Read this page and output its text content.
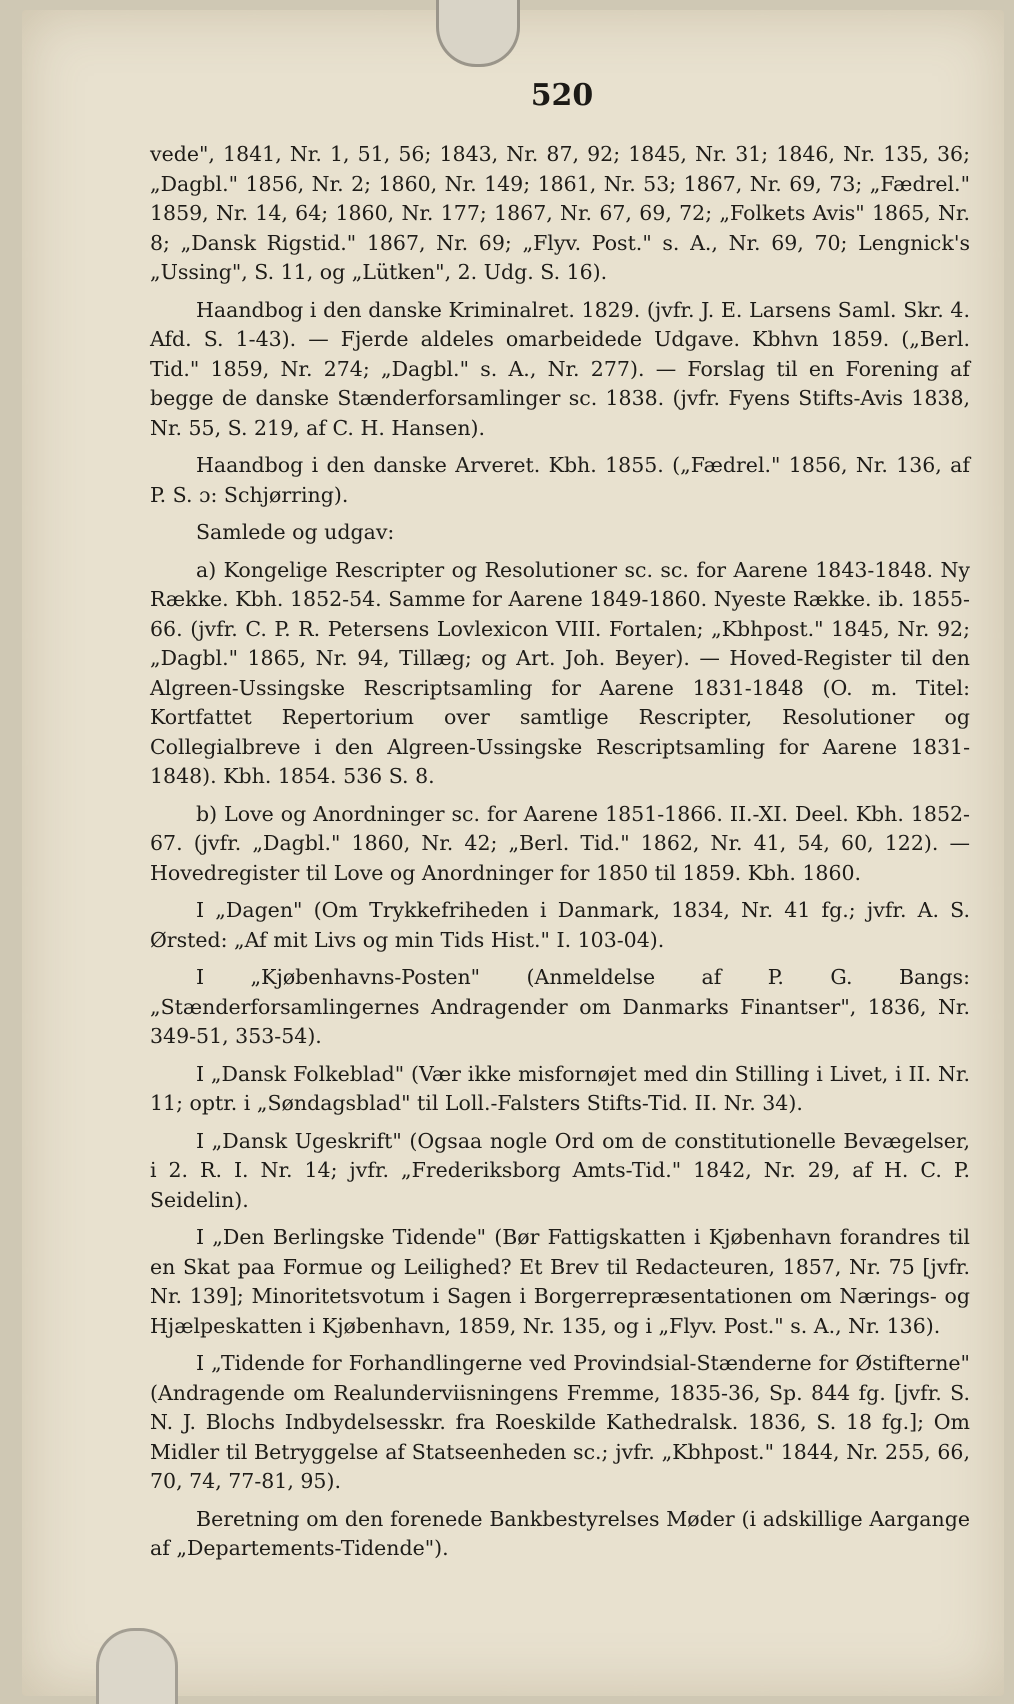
520

vede", 1841, Nr. 1, 51, 56; 1843, Nr. 87, 92; 1845, Nr. 31; 1846, Nr. 135, 36; „Dagbl." 1856, Nr. 2; 1860, Nr. 149; 1861, Nr. 53; 1867, Nr. 69, 73; „Fædrel." 1859, Nr. 14, 64; 1860, Nr. 177; 1867, Nr. 67, 69, 72; „Folkets Avis" 1865, Nr. 8; „Dansk Rigstid." 1867, Nr. 69; „Flyv. Post." s. A., Nr. 69, 70; Lengnick's „Ussing", S. 11, og „Lütken", 2. Udg. S. 16).

Haandbog i den danske Kriminalret. 1829. (jvfr. J. E. Larsens Saml. Skr. 4. Afd. S. 1-43). — Fjerde aldeles omarbeidede Udgave. Kbhvn 1859. („Berl. Tid." 1859, Nr. 274; „Dagbl." s. A., Nr. 277). — Forslag til en Forening af begge de danske Stænderforsamlinger sc. 1838. (jvfr. Fyens Stifts-Avis 1838, Nr. 55, S. 219, af C. H. Hansen).

Haandbog i den danske Arveret. Kbh. 1855. („Fædrel." 1856, Nr. 136, af P. S. ɔ: Schjørring).

Samlede og udgav:

a) Kongelige Rescripter og Resolutioner sc. sc. for Aarene 1843-1848. Ny Række. Kbh. 1852-54. Samme for Aarene 1849-1860. Nyeste Række. ib. 1855-66. (jvfr. C. P. R. Petersens Lovlexicon VIII. Fortalen; „Kbhpost." 1845, Nr. 92; „Dagbl." 1865, Nr. 94, Tillæg; og Art. Joh. Beyer). — Hoved-Register til den Algreen-Ussingske Rescriptsamling for Aarene 1831-1848 (O. m. Titel: Kortfattet Repertorium over samtlige Rescripter, Resolutioner og Collegialbreve i den Algreen-Ussingske Rescriptsamling for Aarene 1831-1848). Kbh. 1854. 536 S. 8.

b) Love og Anordninger sc. for Aarene 1851-1866. II.-XI. Deel. Kbh. 1852-67. (jvfr. „Dagbl." 1860, Nr. 42; „Berl. Tid." 1862, Nr. 41, 54, 60, 122). — Hovedregister til Love og Anordninger for 1850 til 1859. Kbh. 1860.

I „Dagen" (Om Trykkefriheden i Danmark, 1834, Nr. 41 fg.; jvfr. A. S. Ørsted: „Af mit Livs og min Tids Hist." I. 103-04).

I „Kjøbenhavns-Posten" (Anmeldelse af P. G. Bangs: „Stænderforsamlingernes Andragender om Danmarks Finantser", 1836, Nr. 349-51, 353-54).

I „Dansk Folkeblad" (Vær ikke misfornøjet med din Stilling i Livet, i II. Nr. 11; optr. i „Søndagsblad" til Loll.-Falsters Stifts-Tid. II. Nr. 34).

I „Dansk Ugeskrift" (Ogsaa nogle Ord om de constitutionelle Bevægelser, i 2. R. I. Nr. 14; jvfr. „Frederiksborg Amts-Tid." 1842, Nr. 29, af H. C. P. Seidelin).

I „Den Berlingske Tidende" (Bør Fattigskatten i Kjøbenhavn forandres til en Skat paa Formue og Leilighed? Et Brev til Redacteuren, 1857, Nr. 75 [jvfr. Nr. 139]; Minoritetsvotum i Sagen i Borgerrepræsentationen om Nærings- og Hjælpeskatten i Kjøbenhavn, 1859, Nr. 135, og i „Flyv. Post." s. A., Nr. 136).

I „Tidende for Forhandlingerne ved Provindsial-Stænderne for Østifterne" (Andragende om Realunderviisningens Fremme, 1835-36, Sp. 844 fg. [jvfr. S. N. J. Blochs Indbydelsesskr. fra Roeskilde Kathedralsk. 1836, S. 18 fg.]; Om Midler til Betryggelse af Statseenheden sc.; jvfr. „Kbhpost." 1844, Nr. 255, 66, 70, 74, 77-81, 95).

Beretning om den forenede Bankbestyrelses Møder (i adskillige Aargange af „Departements-Tidende").
